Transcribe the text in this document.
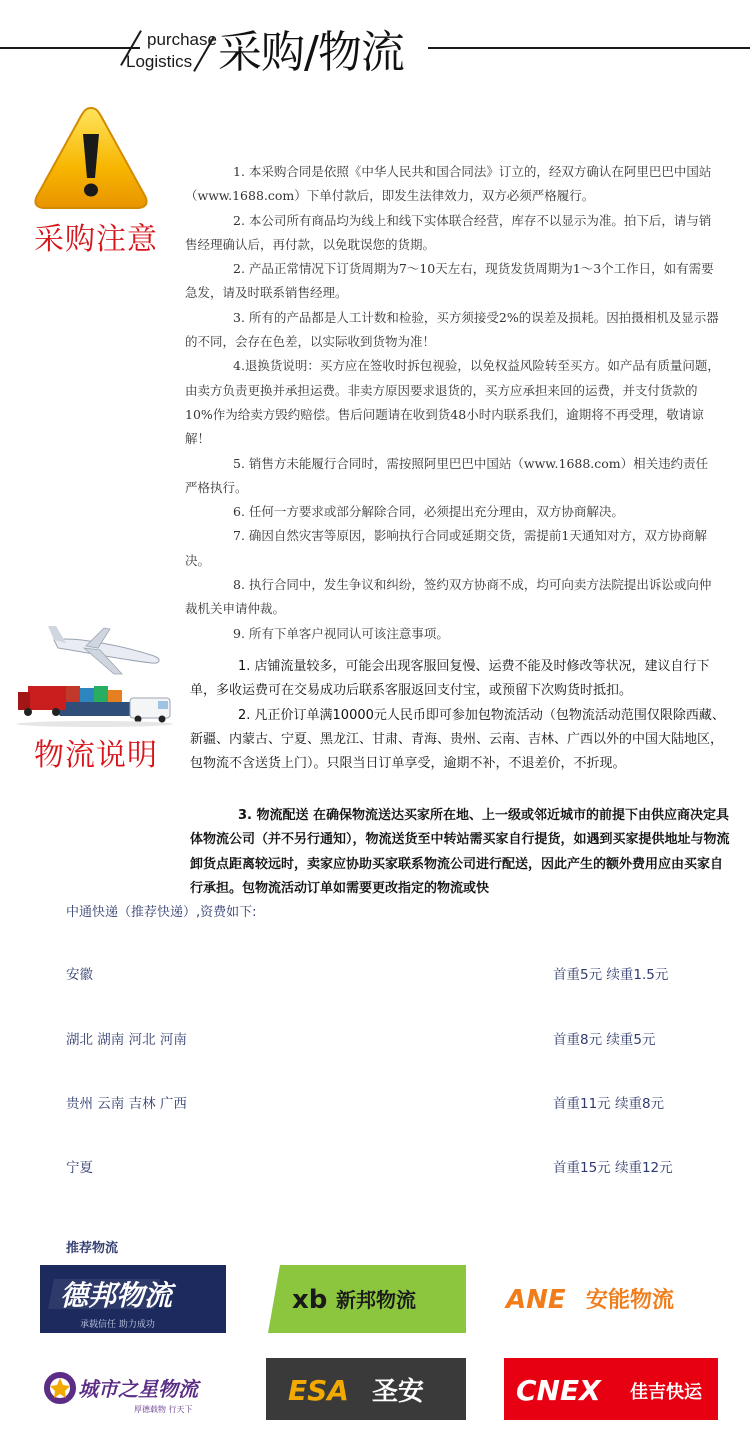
purchase
Logistics 采购/物流
采购注意

1. 本采购合同是依照《中华人民共和国合同法》订立的，经双方确认在阿里巴巴中国站（www.1688.com）下单付款后，即发生法律效力，双方必须严格履行。

2. 本公司所有商品均为线上和线下实体联合经营，库存不以显示为准。拍下后，请与销售经理确认后，再付款，以免耽误您的货期。

2. 产品正常情况下订货周期为7～10天左右，现货发货周期为1～3个工作日，如有需要急发，请及时联系销售经理。

3. 所有的产品都是人工计数和检验，买方须接受2%的误差及损耗。因拍摄相机及显示器的不同，会存在色差，以实际收到货物为准！

4.退换货说明：买方应在签收时拆包视验，以免权益风险转至买方。如产品有质量问题，由卖方负责更换并承担运费。非卖方原因要求退货的，买方应承担来回的运费，并支付货款的10%作为给卖方毁约赔偿。售后问题请在收到货48小时内联系我们，逾期将不再受理，敬请谅解！

5. 销售方未能履行合同时，需按照阿里巴巴中国站（www.1688.com）相关违约责任严格执行。

6. 任何一方要求或部分解除合同，必须提出充分理由，双方协商解决。

7. 确因自然灾害等原因，影响执行合同或延期交货，需提前1天通知对方，双方协商解决。

8. 执行合同中，发生争议和纠纷，签约双方协商不成，均可向卖方法院提出诉讼或向仲裁机关申请仲裁。

9. 所有下单客户视同认可该注意事项。

物流说明

1. 店铺流量较多，可能会出现客服回复慢、运费不能及时修改等状况，建议自行下单，多收运费可在交易成功后联系客服返回支付宝，或预留下次购货时抵扣。

2. 凡正价订单满10000元人民币即可参加包物流活动（包物流活动范围仅限除西藏、新疆、内蒙古、宁夏、黑龙江、甘肃、青海、贵州、云南、吉林、广西以外的中国大陆地区，包物流不含送货上门）。只限当日订单享受，逾期不补，不退差价，不折现。

3. 物流配送 在确保物流送达买家所在地、上一级或邻近城市的前提下由供应商决定具体物流公司（并不另行通知），物流送货至中转站需买家自行提货，如遇到买家提供地址与物流卸货点距离较远时，卖家应协助买家联系物流公司进行配送，因此产生的额外费用应由买家自行承担。包物流活动订单如需要更改指定的物流或快

中通快递（推荐快递）,资费如下:
安徽	首重5元 续重1.5元
湖北 湖南 河北 河南	首重8元 续重5元
贵州 云南 吉林 广西	首重11元 续重8元
宁夏	首重15元 续重12元
推荐物流
德邦物流
承载信任 助力成功
xb 新邦物流	ANE 安能物流
城市之星物流
厚德载物 行天下
ESA 圣安	CNEX 佳吉快运
